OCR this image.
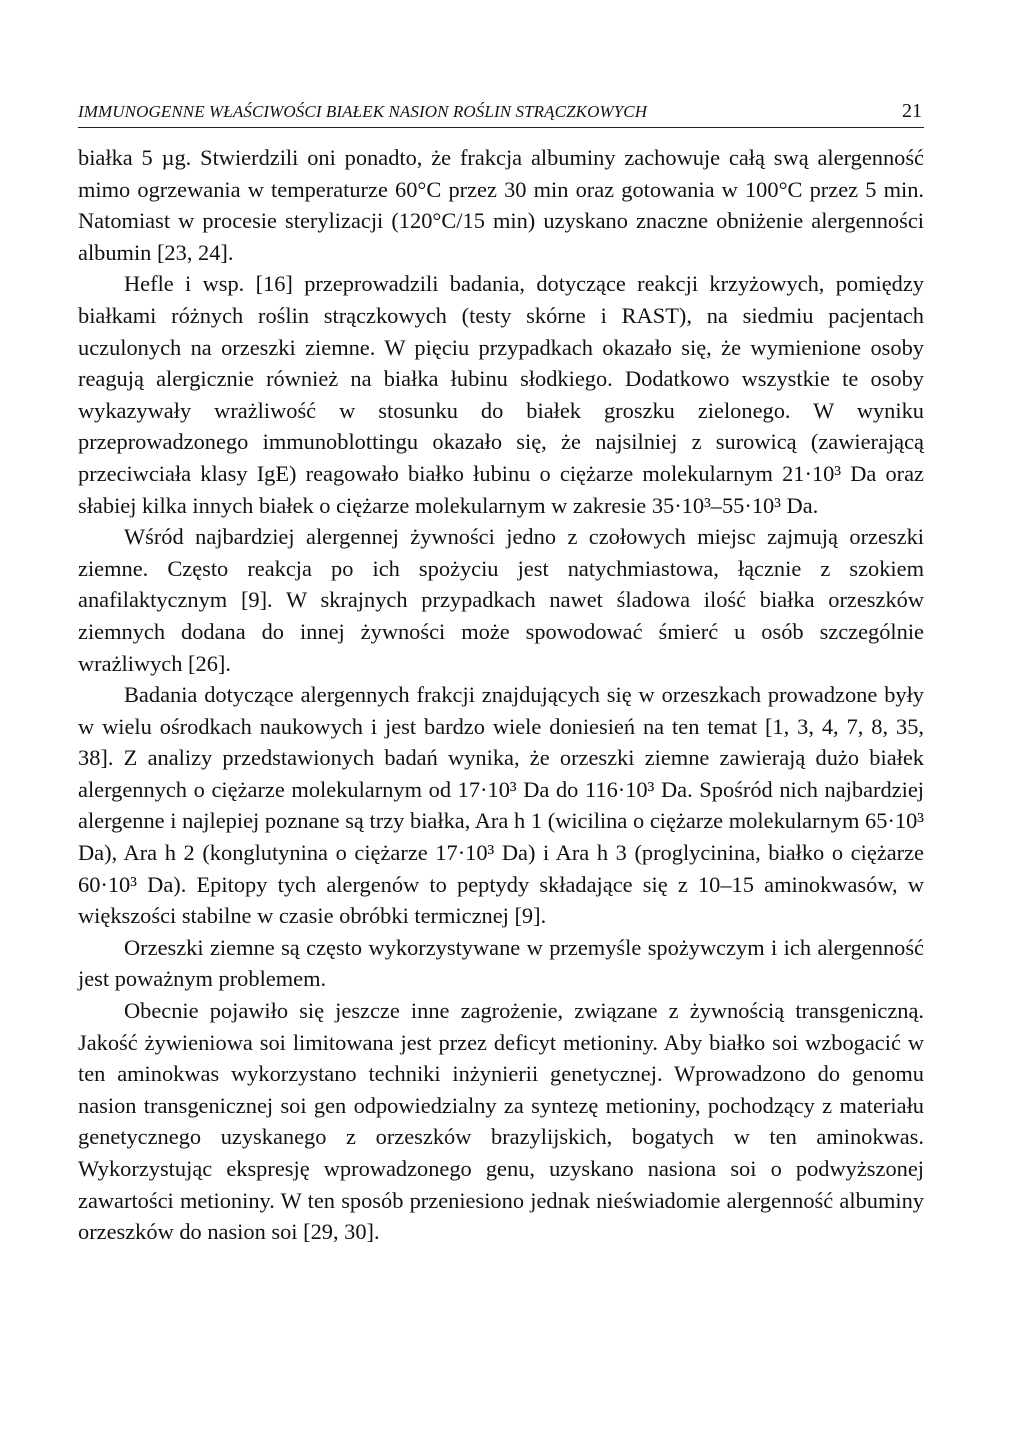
IMMUNOGENNE WŁAŚCIWOŚCI BIAŁEK NASION ROŚLIN STRĄCZKOWYCH	21

białka 5 µg. Stwierdzili oni ponadto, że frakcja albuminy zachowuje całą swą alergenność mimo ogrzewania w temperaturze 60°C przez 30 min oraz gotowania w 100°C przez 5 min. Natomiast w procesie sterylizacji (120°C/15 min) uzyskano znaczne obniżenie alergenności albumin [23, 24].

Hefle i wsp. [16] przeprowadzili badania, dotyczące reakcji krzyżowych, pomiędzy białkami różnych roślin strączkowych (testy skórne i RAST), na siedmiu pacjentach uczulonych na orzeszki ziemne. W pięciu przypadkach okazało się, że wymienione osoby reagują alergicznie również na białka łubinu słodkiego. Dodatkowo wszystkie te osoby wykazywały wrażliwość w stosunku do białek groszku zielonego. W wyniku przeprowadzonego immunoblottingu okazało się, że najsilniej z surowicą (zawierającą przeciwciała klasy IgE) reagowało białko łubinu o ciężarze molekularnym 21·10³ Da oraz słabiej kilka innych białek o ciężarze molekularnym w zakresie 35·10³–55·10³ Da.

Wśród najbardziej alergennej żywności jedno z czołowych miejsc zajmują orzeszki ziemne. Często reakcja po ich spożyciu jest natychmiastowa, łącznie z szokiem anafilaktycznym [9]. W skrajnych przypadkach nawet śladowa ilość białka orzeszków ziemnych dodana do innej żywności może spowodować śmierć u osób szczególnie wrażliwych [26].

Badania dotyczące alergennych frakcji znajdujących się w orzeszkach prowadzone były w wielu ośrodkach naukowych i jest bardzo wiele doniesień na ten temat [1, 3, 4, 7, 8, 35, 38]. Z analizy przedstawionych badań wynika, że orzeszki ziemne zawierają dużo białek alergennych o ciężarze molekularnym od 17·10³ Da do 116·10³ Da. Spośród nich najbardziej alergenne i najlepiej poznane są trzy białka, Ara h 1 (wicilina o ciężarze molekularnym 65·10³ Da), Ara h 2 (konglutynina o ciężarze 17·10³ Da) i Ara h 3 (proglycinina, białko o ciężarze 60·10³ Da). Epitopy tych alergenów to peptydy składające się z 10–15 aminokwasów, w większości stabilne w czasie obróbki termicznej [9].

Orzeszki ziemne są często wykorzystywane w przemyśle spożywczym i ich alergenność jest poważnym problemem.

Obecnie pojawiło się jeszcze inne zagrożenie, związane z żywnością transgeniczną. Jakość żywieniowa soi limitowana jest przez deficyt metioniny. Aby białko soi wzbogacić w ten aminokwas wykorzystano techniki inżynierii genetycznej. Wprowadzono do genomu nasion transgenicznej soi gen odpowiedzialny za syntezę metioniny, pochodzący z materiału genetycznego uzyskanego z orzeszków brazylijskich, bogatych w ten aminokwas. Wykorzystując ekspresję wprowadzonego genu, uzyskano nasiona soi o podwyższonej zawartości metioniny. W ten sposób przeniesiono jednak nieświadomie alergenność albuminy orzeszków do nasion soi [29, 30].
